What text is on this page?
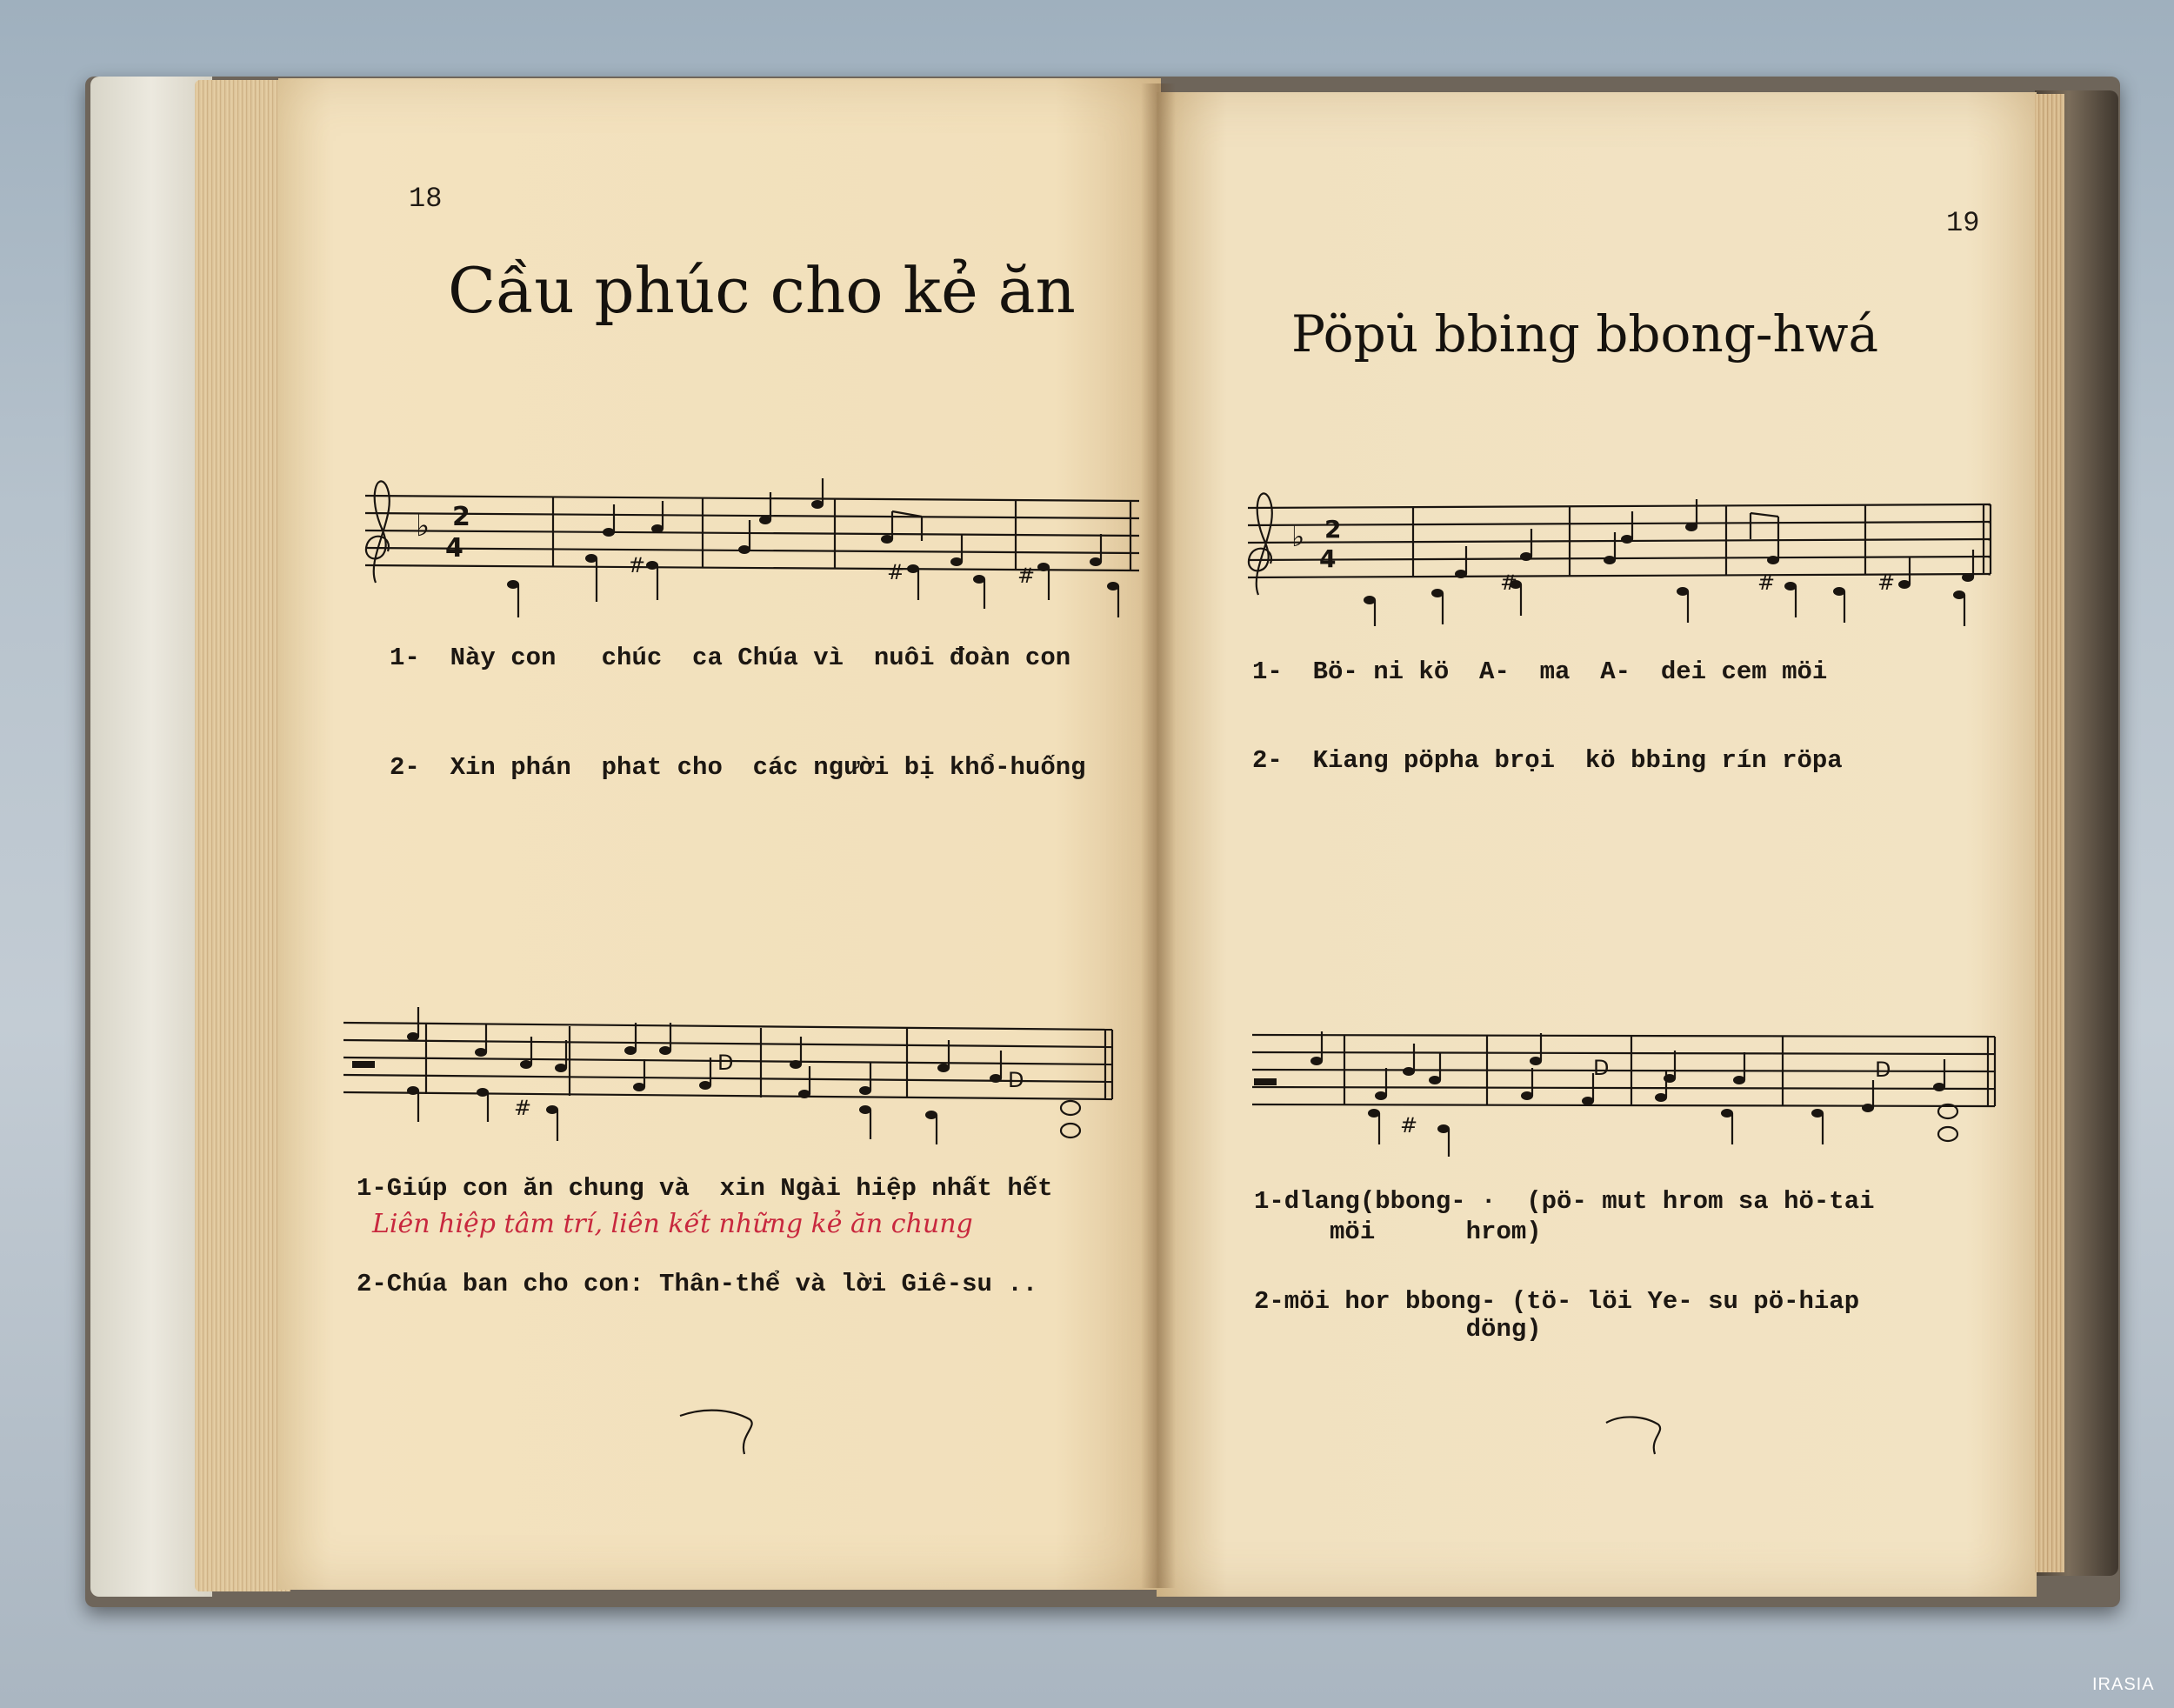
18
Cầu phúc cho kẻ ăn
♭ 2
4
#	#	#
1-  Này con   chúc  ca Chúa vì  nuôi đoàn con
2-  Xin phán  phat cho  các người bị khổ-huống
#
D
D
1-Giúp con ăn chung và  xin Ngài hiệp nhất hết
Liên hiệp tâm trí, liên kết những kẻ ăn chung
2-Chúa ban cho con: Thân-thể và lời Giê-su ..
19
Pöpu̇ bbing bbong-hwá
♭ 2
4
#	#	#
1-  Bö- ni kö  A-  ma  A-  dei cem möi
2-  Kiang pöpha brọi  kö bbing rín röpa
#
D	D
1-dlang(bbong- ·  (pö- mut hrom sa hö-tai
möi      hrom)
2-möi hor bbong- (tö- löi Ye- su pö-hiap
döng)
IRASIA
